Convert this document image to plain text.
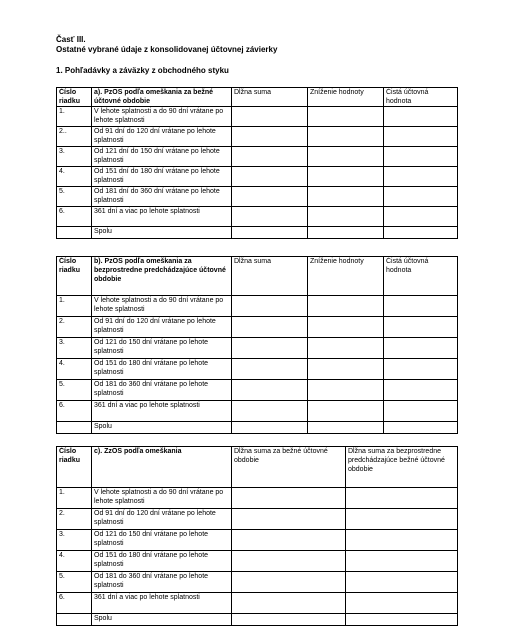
Časť III.
Ostatné vybrané údaje z konsolidovanej účtovnej závierky
1. Pohľadávky a záväzky z obchodného styku
Číslo riadku	a). PzOS podľa omeškania za bežné účtovné obdobie	Dĺžna suma	Zníženie hodnoty	Čistá účtovná hodnota
1.	V lehote splatnosti a do 90 dní vrátane po lehote splatnosti			
2..	Od 91 dní do 120 dní vrátane po lehote splatnosti			
3.	Od 121 dní do 150 dní vrátane po lehote splatnosti			
4.	Od 151 dní do 180 dní vrátane po lehote splatnosti			
5.	Od 181 dní do 360 dní vrátane po lehote splatnosti			
6.	361 dní a viac po lehote splatnosti			
	Spolu			
Číslo riadku	b). PzOS podľa omeškania za bezprostredne predchádzajúce účtovné obdobie	Dĺžna suma	Zníženie hodnoty	Čistá účtovná hodnota
1.	V lehote splatnosti a do 90 dní vrátane po lehote splatnosti			
2.	Od 91 dní do 120 dní vrátane po lehote splatnosti			
3.	Od 121 do 150 dní vrátane po lehote splatnosti			
4.	Od 151 do 180 dní vrátane po lehote splatnosti			
5.	Od 181 do 360 dní vrátane po lehote splatnosti			
6.	361 dní a viac po lehote splatnosti			
	Spolu			
Číslo riadku	c). ZzOS podľa omeškania	Dĺžna suma za bežné účtovné obdobie	Dĺžna suma za bezprostredne predchádzajúce bežné účtovné obdobie
1.	V lehote splatnosti a do 90 dní vrátane po lehote splatnosti		
2.	Od 91 dní do 120 dní vrátane po lehote splatnosti		
3.	Od 121 do 150 dní vrátane po lehote splatnosti		
4.	Od 151 do 180 dní vrátane po lehote splatnosti		
5.	Od 181 do 360 dní vrátane po lehote splatnosti		
6.	361 dní a viac po lehote splatnosti		
	Spolu		
